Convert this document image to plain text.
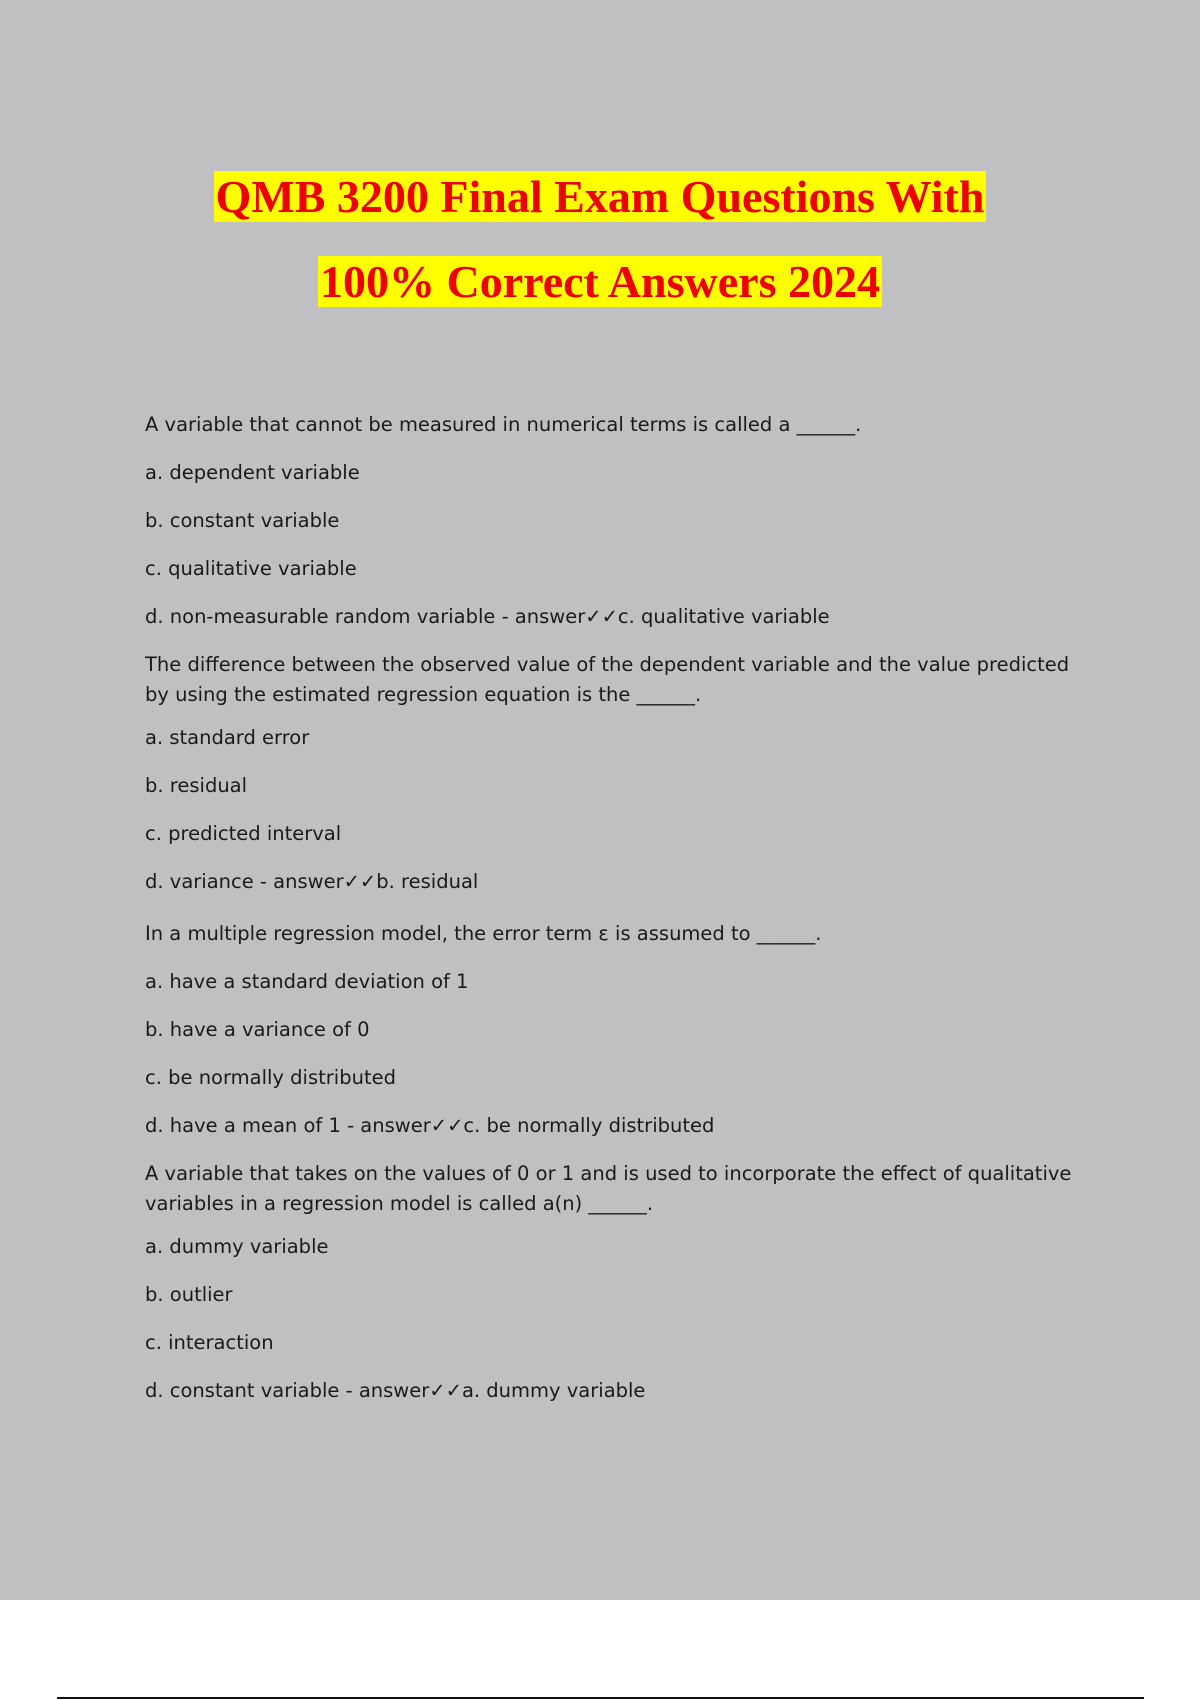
QMB 3200 Final Exam Questions With
100% Correct Answers 2024

A variable that cannot be measured in numerical terms is called a ______.

a. dependent variable

b. constant variable

c. qualitative variable

d. non-measurable random variable - answer✓✓c. qualitative variable

The difference between the observed value of the dependent variable and the value predicted by using the estimated regression equation is the ______.

a. standard error

b. residual

c. predicted interval

d. variance - answer✓✓b. residual

In a multiple regression model, the error term ε is assumed to ______.

a. have a standard deviation of 1

b. have a variance of 0

c. be normally distributed

d. have a mean of 1 - answer✓✓c. be normally distributed

A variable that takes on the values of 0 or 1 and is used to incorporate the effect of qualitative variables in a regression model is called a(n) ______.

a. dummy variable

b. outlier

c. interaction

d. constant variable - answer✓✓a. dummy variable
